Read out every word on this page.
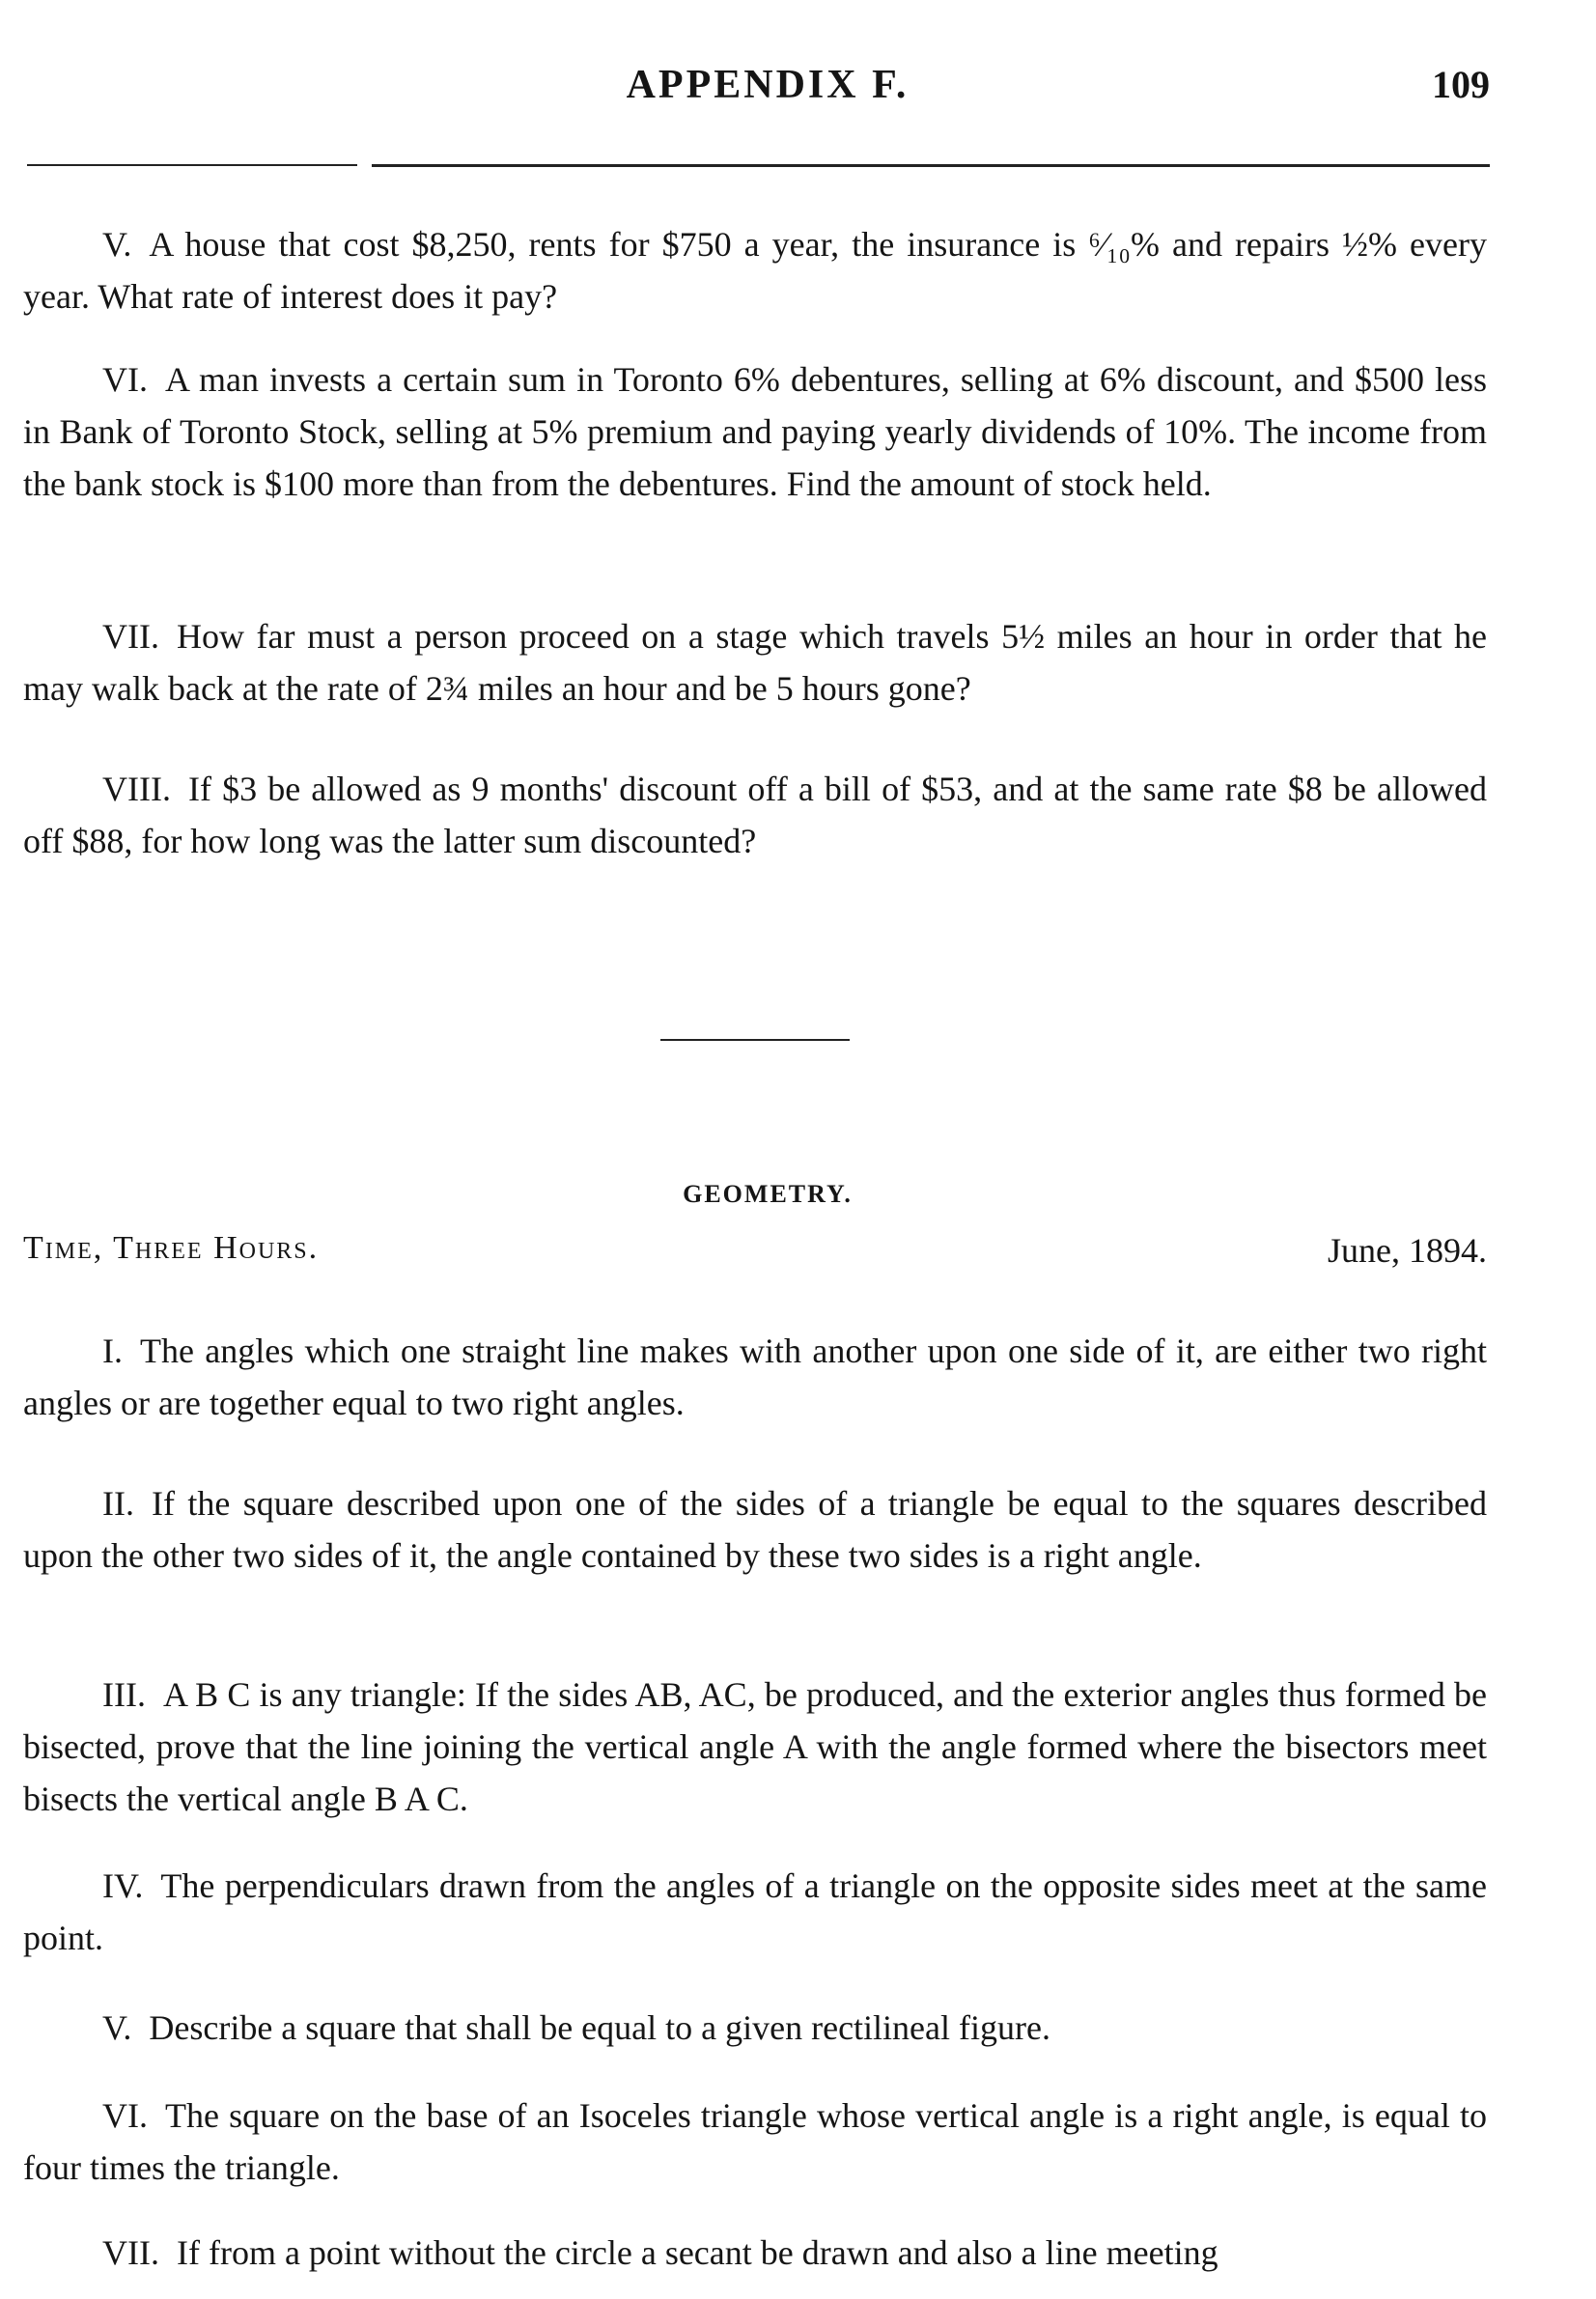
APPENDIX F.	109

V. A house that cost $8,250, rents for $750 a year, the insurance is ⁶⁄₁₀% and repairs ½% every year. What rate of interest does it pay?

VI. A man invests a certain sum in Toronto 6% debentures, selling at 6% discount, and $500 less in Bank of Toronto Stock, selling at 5% premium and paying yearly dividends of 10%. The income from the bank stock is $100 more than from the debentures. Find the amount of stock held.

VII. How far must a person proceed on a stage which travels 5½ miles an hour in order that he may walk back at the rate of 2¾ miles an hour and be 5 hours gone?

VIII. If $3 be allowed as 9 months' discount off a bill of $53, and at the same rate $8 be allowed off $88, for how long was the latter sum discounted?

GEOMETRY.
Time, Three Hours.	June, 1894.

I. The angles which one straight line makes with another upon one side of it, are either two right angles or are together equal to two right angles.

II. If the square described upon one of the sides of a triangle be equal to the squares described upon the other two sides of it, the angle contained by these two sides is a right angle.

III. A B C is any triangle: If the sides AB, AC, be produced, and the exterior angles thus formed be bisected, prove that the line joining the vertical angle A with the angle formed where the bisectors meet bisects the vertical angle B A C.

IV. The perpendiculars drawn from the angles of a triangle on the opposite sides meet at the same point.

V. Describe a square that shall be equal to a given rectilineal figure.

VI. The square on the base of an Isoceles triangle whose vertical angle is a right angle, is equal to four times the triangle.

VII. If from a point without the circle a secant be drawn and also a line meeting
